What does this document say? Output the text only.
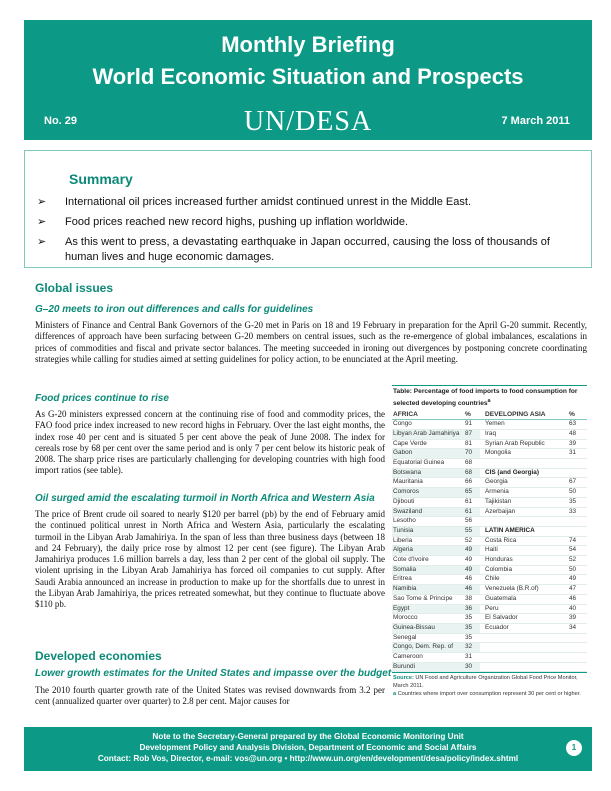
Monthly Briefing
World Economic Situation and Prospects
No. 29	UN/DESA	7 March 2011
Summary
➢ International oil prices increased further amidst continued unrest in the Middle East.
➢ Food prices reached new record highs, pushing up inflation worldwide.
➢ As this went to press, a devastating earthquake in Japan occurred, causing the loss of thousands of human lives and huge economic damages.
Global issues
G–20 meets to iron out differences and calls for guidelines

Ministers of Finance and Central Bank Governors of the G-20 met in Paris on 18 and 19 February in preparation for the April G-20 summit. Recently, differences of approach have been surfacing between G-20 members on central issues, such as the re-emergence of global imbalances, escalations in prices of commodities and fiscal and private sector balances. The meeting succeeded in ironing out divergences by postponing concrete coordinating strategies while calling for studies aimed at setting guidelines for policy action, to be enunciated at the April meeting.

Food prices continue to rise

As G-20 ministers expressed concern at the continuing rise of food and commodity prices, the FAO food price index increased to new record highs in February. Over the last eight months, the index rose 40 per cent and is situated 5 per cent above the peak of June 2008. The index for cereals rose by 68 per cent over the same period and is only 7 per cent below its historic peak of 2008. The sharp price rises are particularly challenging for developing countries with high food import ratios (see table).

Oil surged amid the escalating turmoil in North Africa and Western Asia

The price of Brent crude oil soared to nearly $120 per barrel (pb) by the end of February amid the continued political unrest in North Africa and Western Asia, particularly the escalating turmoil in the Libyan Arab Jamahiriya. In the span of less than three business days (between 18 and 24 February), the daily price rose by almost 12 per cent (see figure). The Libyan Arab Jamahiriya produces 1.6 million barrels a day, less than 2 per cent of the global oil supply. The violent uprising in the Libyan Arab Jamahiriya has forced oil companies to cut supply. After Saudi Arabia announced an increase in production to make up for the shortfalls due to unrest in the Libyan Arab Jamahiriya, the prices retreated somewhat, but they continue to fluctuate above $110 pb.

Developed economies
Lower growth estimates for the United States and impasse over the budget

The 2010 fourth quarter growth rate of the United States was revised downwards from 3.2 per cent (annualized quarter over quarter) to 2.8 per cent. Major causes for

Table: Percentage of food imports to food consumption for selected developing countries$^a$
AFRICA	%		DEVELOPING ASIA	%
Congo	91		Yemen	63
Libyan Arab Jamahiriya	87		Iraq	48
Cape Verde	81		Syrian Arab Republic	39
Gabon	70		Mongolia	31
Equatorial Guinea	68			
Botswana	68		CIS (and Georgia)	
Mauritania	66		Georgia	67
Comoros	65		Armenia	50
Djibouti	61		Tajikistan	35
Swaziland	61		Azerbaijan	33
Lesotho	56			
Tunisia	55		LATIN AMERICA	
Liberia	52		Costa Rica	74
Algeria	49		Haiti	54
Cote d'Ivoire	49		Honduras	52
Somalia	49		Colombia	50
Eritrea	46		Chile	49
Namibia	46		Venezuela (B.R.of)	47
Sao Tome & Principe	38		Guatemala	46
Egypt	36		Peru	40
Morocco	35		El Salvador	39
Guinea-Bissau	35		Ecuador	34
Senegal	35			
Congo, Dem. Rep. of	32			
Cameroon	31			
Burundi	30			
Source: UN Food and Agriculture Organization Global Food Price Monitor, March 2011.
a Countries where import over consumption represent 30 per cent or higher.
Note to the Secretary-General prepared by the Global Economic Monitoring Unit
Development Policy and Analysis Division, Department of Economic and Social Affairs
Contact: Rob Vos, Director, e-mail: vos@un.org • http://www.un.org/en/development/desa/policy/index.shtml
1
